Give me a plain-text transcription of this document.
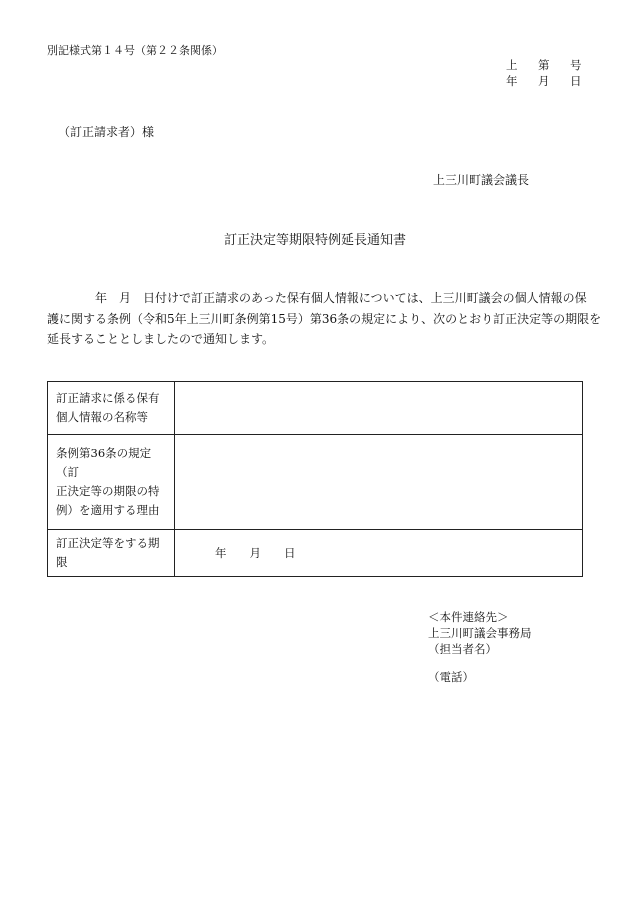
別記様式第１４号（第２２条関係）
上	第	号
年	月	日
（訂正請求者）様
上三川町議会議長
訂正決定等期限特例延長通知書
年　月　日付けで訂正請求のあった保有個人情報については、上三川町議会の個人情報の保
護に関する条例（令和5年上三川町条例第15号）第36条の規定により、次のとおり訂正決定等の期限を
延長することとしましたので通知します。
訂正請求に係る保有
個人情報の名称等	

条例第36条の規定（訂
正決定等の期限の特
例）を適用する理由	

訂正決定等をする期
限	年　　月　　日
＜本件連絡先＞
上三川町議会事務局
（担当者名）
（電話）
